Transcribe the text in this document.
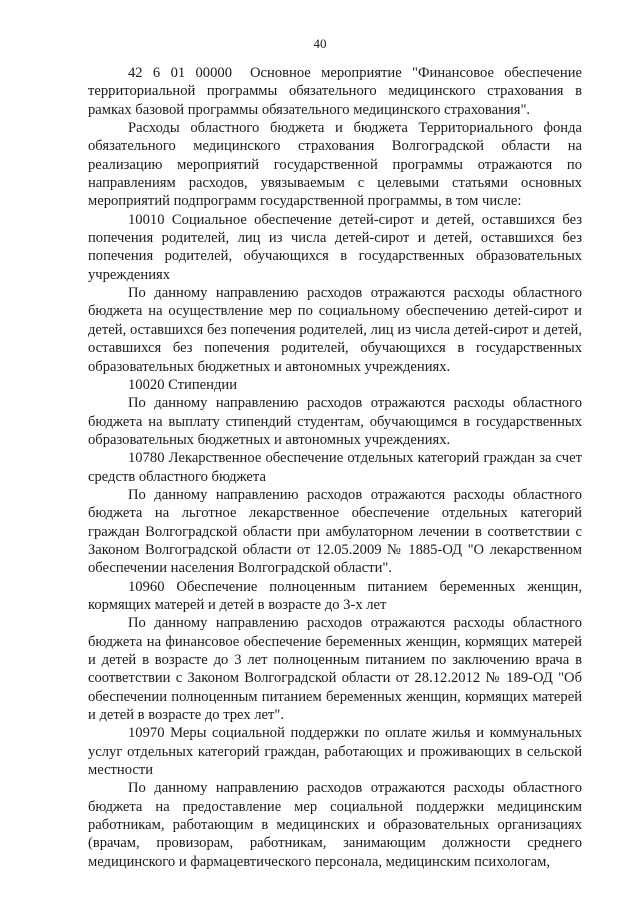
40

42 6 01 00000 Основное мероприятие "Финансовое обеспечение территориальной программы обязательного медицинского страхования в рамках базовой программы обязательного медицинского страхования".

Расходы областного бюджета и бюджета Территориального фонда обязательного медицинского страхования Волгоградской области на реализацию мероприятий государственной программы отражаются по направлениям расходов, увязываемым с целевыми статьями основных мероприятий подпрограмм государственной программы, в том числе:

10010 Социальное обеспечение детей-сирот и детей, оставшихся без попечения родителей, лиц из числа детей-сирот и детей, оставшихся без попечения родителей, обучающихся в государственных образовательных учреждениях

По данному направлению расходов отражаются расходы областного бюджета на осуществление мер по социальному обеспечению детей-сирот и детей, оставшихся без попечения родителей, лиц из числа детей-сирот и детей, оставшихся без попечения родителей, обучающихся в государственных образовательных бюджетных и автономных учреждениях.

10020 Стипендии

По данному направлению расходов отражаются расходы областного бюджета на выплату стипендий студентам, обучающимся в государственных образовательных бюджетных и автономных учреждениях.

10780 Лекарственное обеспечение отдельных категорий граждан за счет средств областного бюджета

По данному направлению расходов отражаются расходы областного бюджета на льготное лекарственное обеспечение отдельных категорий граждан Волгоградской области при амбулаторном лечении в соответствии с Законом Волгоградской области от 12.05.2009 № 1885-ОД "О лекарственном обеспечении населения Волгоградской области".

10960 Обеспечение полноценным питанием беременных женщин, кормящих матерей и детей в возрасте до 3-х лет

По данному направлению расходов отражаются расходы областного бюджета на финансовое обеспечение беременных женщин, кормящих матерей и детей в возрасте до 3 лет полноценным питанием по заключению врача в соответствии с Законом Волгоградской области от 28.12.2012 № 189-ОД "Об обеспечении полноценным питанием беременных женщин, кормящих матерей и детей в возрасте до трех лет".

10970 Меры социальной поддержки по оплате жилья и коммунальных услуг отдельных категорий граждан, работающих и проживающих в сельской местности

По данному направлению расходов отражаются расходы областного бюджета на предоставление мер социальной поддержки медицинским работникам, работающим в медицинских и образовательных организациях (врачам, провизорам, работникам, занимающим должности среднего медицинского и фармацевтического персонала, медицинским психологам,
